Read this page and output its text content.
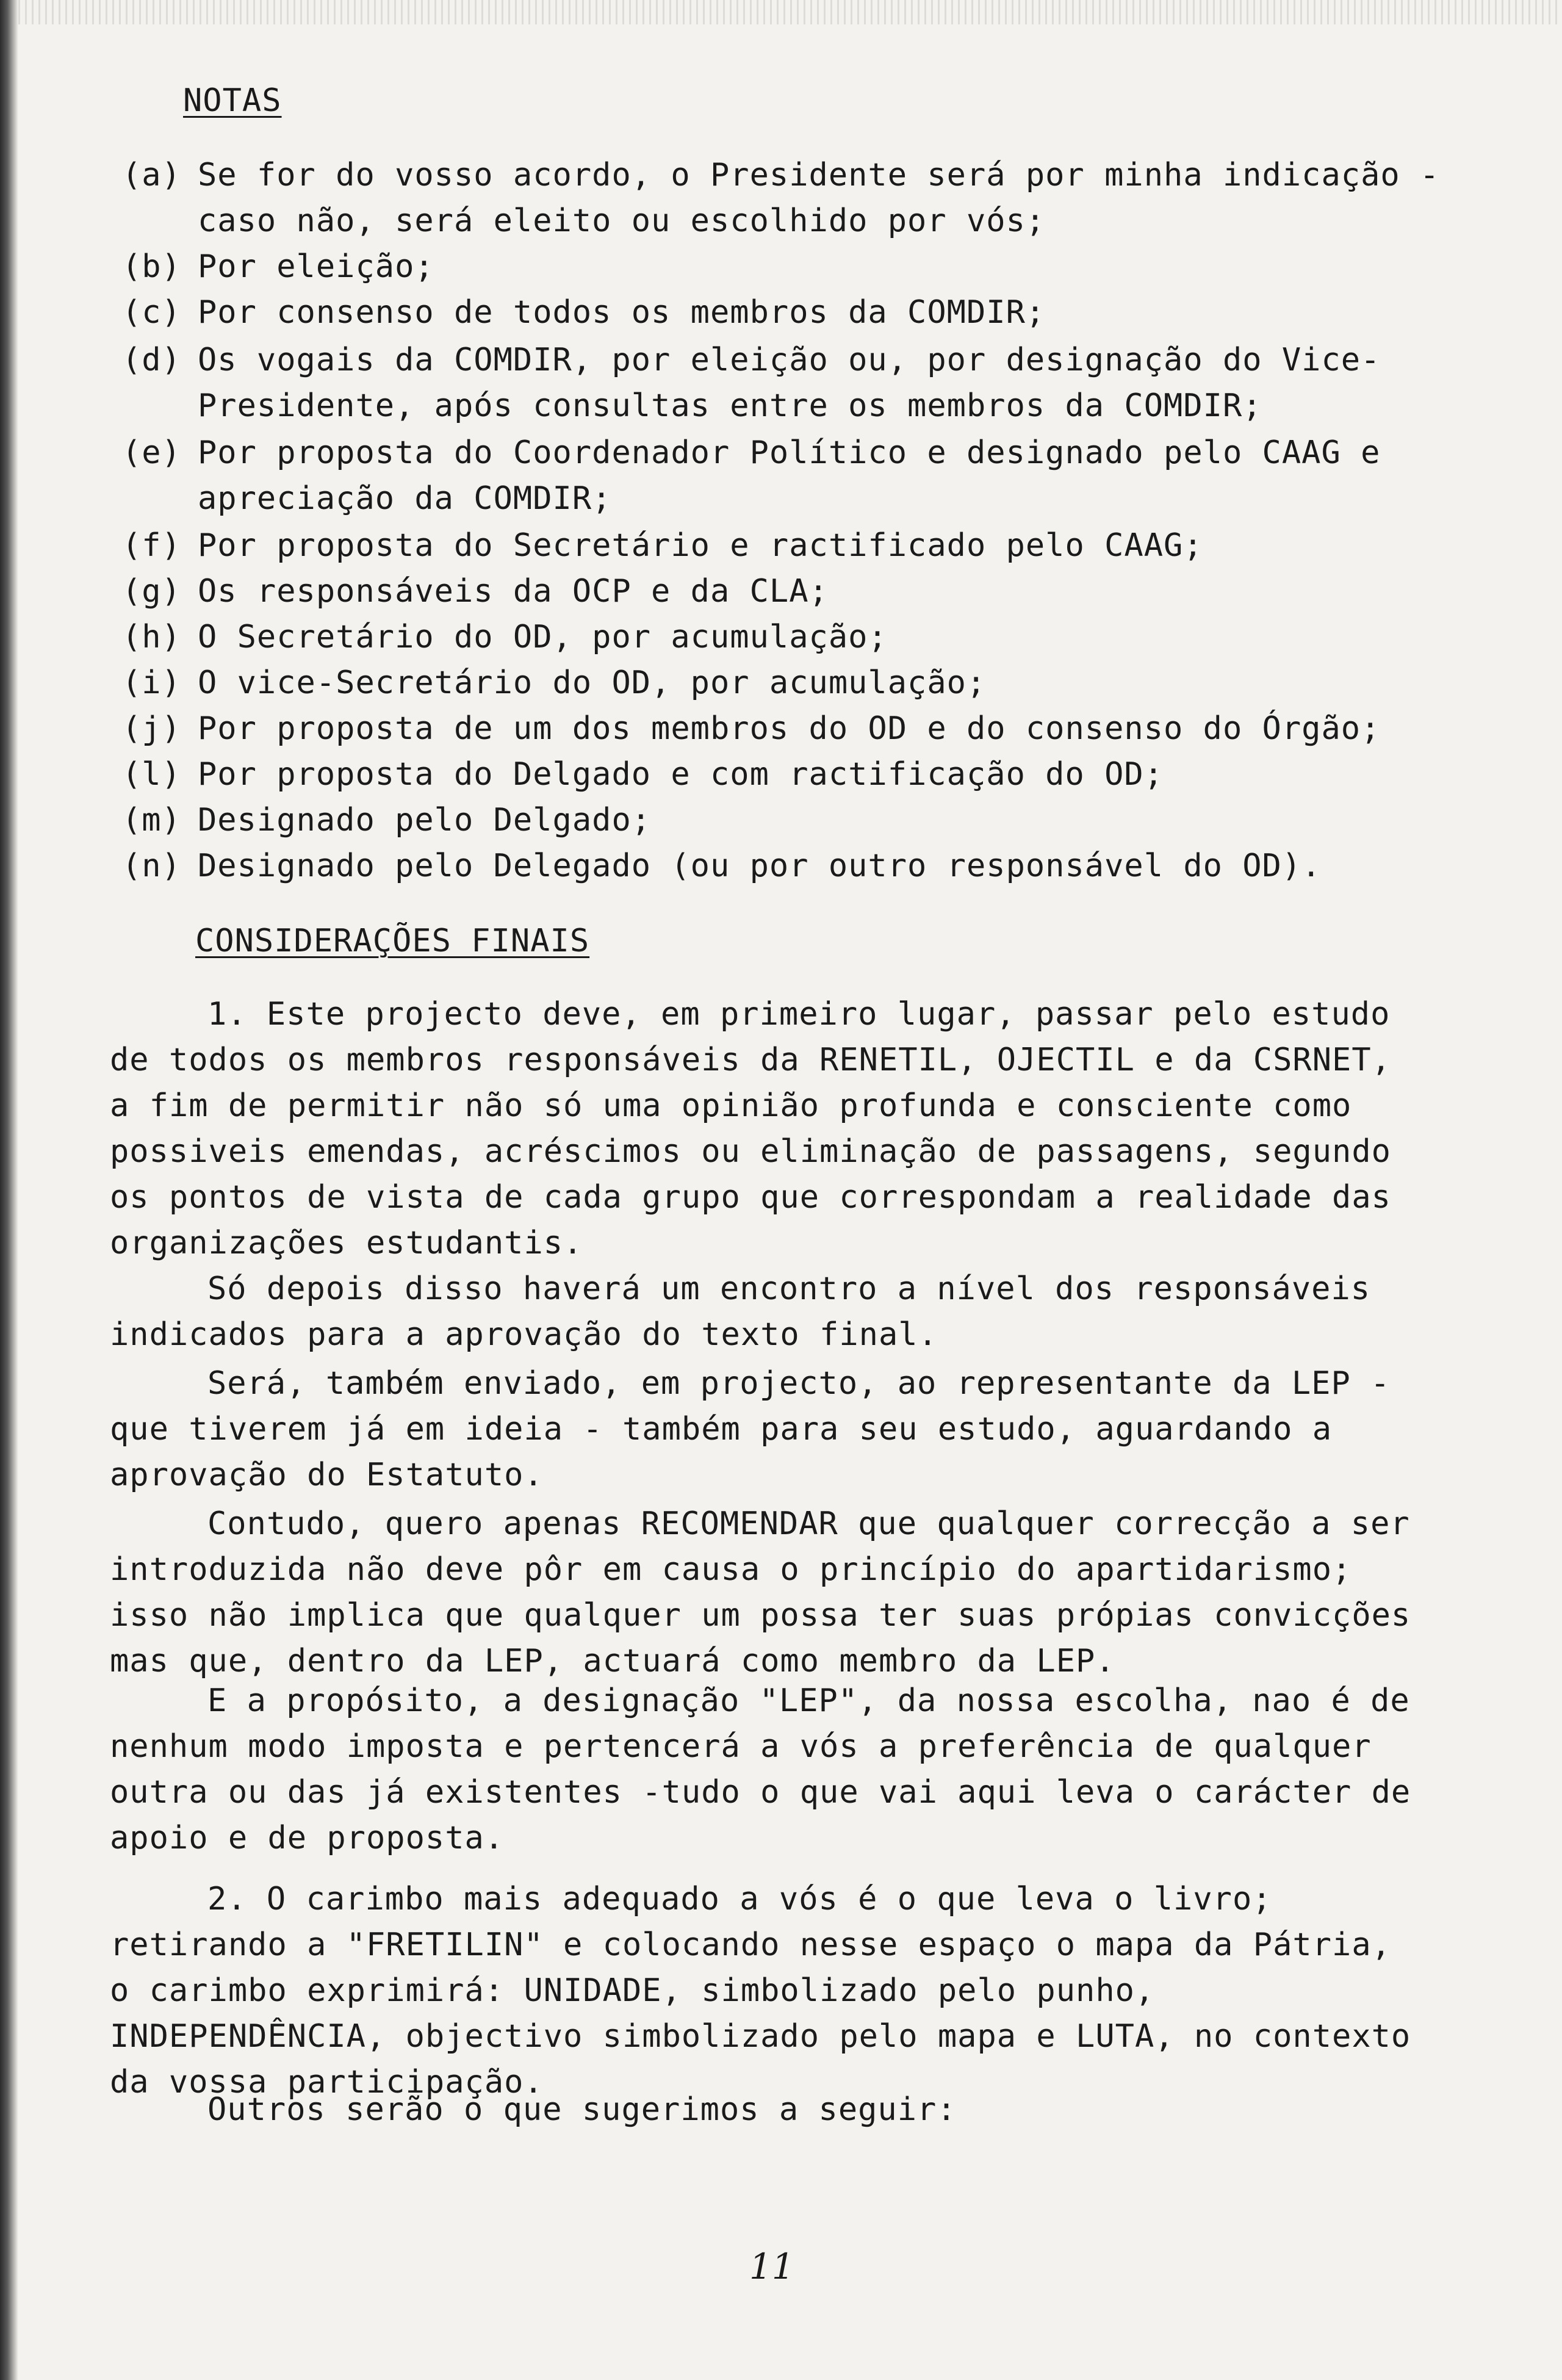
NOTAS
(a) Se for do vosso acordo, o Presidente será por minha indicação - caso não, será eleito ou escolhido por vós;
(b) Por eleição;
(c) Por consenso de todos os membros da COMDIR;
(d) Os vogais da COMDIR, por eleição ou, por designação do Vice-Presidente, após consultas entre os membros da COMDIR;
(e) Por proposta do Coordenador Político e designado pelo CAAG e apreciação da COMDIR;
(f) Por proposta do Secretário e ractificado pelo CAAG;
(g) Os responsáveis da OCP e da CLA;
(h) O Secretário do OD, por acumulação;
(i) O vice-Secretário do OD, por acumulação;
(j) Por proposta de um dos membros do OD e do consenso do Órgão;
(l) Por proposta do Delgado e com ractificação do OD;
(m) Designado pelo Delgado;
(n) Designado pelo Delegado (ou por outro responsável do OD).
CONSIDERAÇÕES FINAIS
1. Este projecto deve, em primeiro lugar, passar pelo estudo de todos os membros responsáveis da RENETIL, OJECTIL e da CSRNET, a fim de permitir não só uma opinião profunda e consciente como possiveis emendas, acréscimos ou eliminação de passagens, segundo os pontos de vista de cada grupo que correspondam a realidade das organizações estudantis.
Só depois disso haverá um encontro a nível dos responsáveis indicados para a aprovação do texto final.
Será, também enviado, em projecto, ao representante da LEP - que tiverem já em ideia - também para seu estudo, aguardando a aprovação do Estatuto.
Contudo, quero apenas RECOMENDAR que qualquer correcção a ser introduzida não deve pôr em causa o princípio do apartidarismo; isso não implica que qualquer um possa ter suas própias convicções mas que, dentro da LEP, actuará como membro da LEP.
E a propósito, a designação "LEP", da nossa escolha, nao é de nenhum modo imposta e pertencerá a vós a preferência de qualquer outra ou das já existentes -tudo o que vai aqui leva o carácter de apoio e de proposta.
2. O carimbo mais adequado a vós é o que leva o livro; retirando a "FRETILIN" e colocando nesse espaço o mapa da Pátria, o carimbo exprimirá: UNIDADE, simbolizado pelo punho, INDEPENDÊNCIA, objectivo simbolizado pelo mapa e LUTA, no contexto da vossa participação.
Outros serão o que sugerimos a seguir:
11
